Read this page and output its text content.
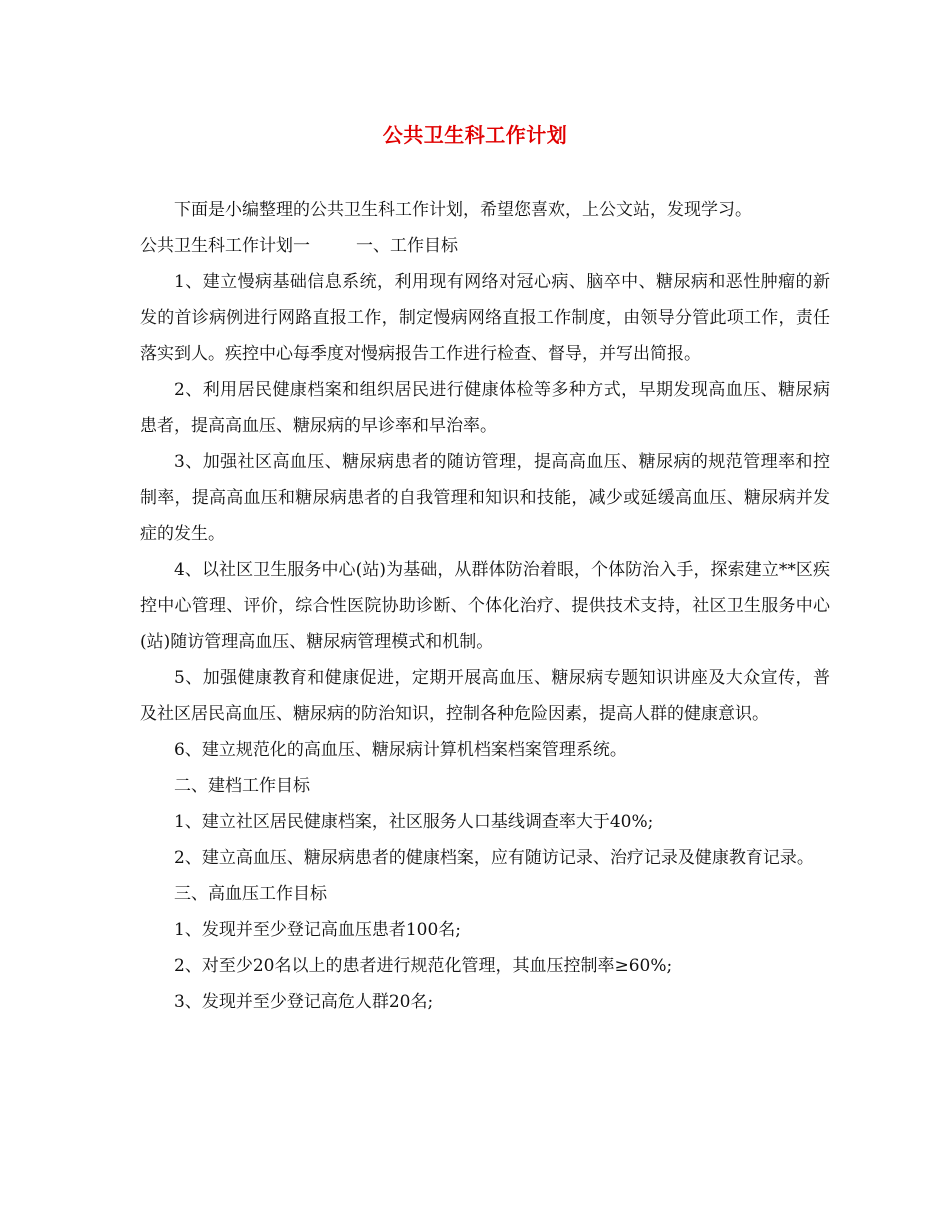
公共卫生科工作计划

下面是小编整理的公共卫生科工作计划，希望您喜欢，上公文站，发现学习。

公共卫生科工作计划一	一、工作目标

1、建立慢病基础信息系统，利用现有网络对冠心病、脑卒中、糖尿病和恶性肿瘤的新发的首诊病例进行网路直报工作，制定慢病网络直报工作制度，由领导分管此项工作，责任落实到人。疾控中心每季度对慢病报告工作进行检查、督导，并写出简报。

2、利用居民健康档案和组织居民进行健康体检等多种方式，早期发现高血压、糖尿病患者，提高高血压、糖尿病的早诊率和早治率。

3、加强社区高血压、糖尿病患者的随访管理，提高高血压、糖尿病的规范管理率和控制率，提高高血压和糖尿病患者的自我管理和知识和技能，减少或延缓高血压、糖尿病并发症的发生。

4、以社区卫生服务中心(站)为基础，从群体防治着眼，个体防治入手，探索建立**区疾控中心管理、评价，综合性医院协助诊断、个体化治疗、提供技术支持，社区卫生服务中心(站)随访管理高血压、糖尿病管理模式和机制。

5、加强健康教育和健康促进，定期开展高血压、糖尿病专题知识讲座及大众宣传，普及社区居民高血压、糖尿病的防治知识，控制各种危险因素，提高人群的健康意识。

6、建立规范化的高血压、糖尿病计算机档案档案管理系统。

二、建档工作目标

1、建立社区居民健康档案，社区服务人口基线调查率大于40%;

2、建立高血压、糖尿病患者的健康档案，应有随访记录、治疗记录及健康教育记录。

三、高血压工作目标

1、发现并至少登记高血压患者100名;

2、对至少20名以上的患者进行规范化管理，其血压控制率≥60%;

3、发现并至少登记高危人群20名;
